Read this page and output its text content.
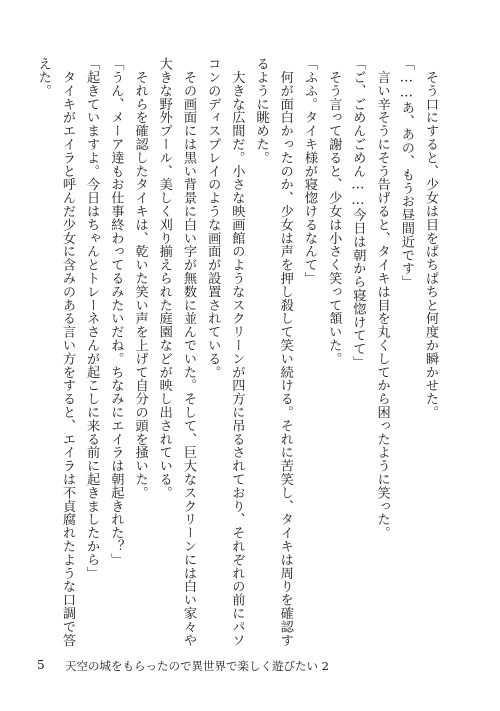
　そう口にすると、少女は目をぱちぱちと何度か瞬かせた。
「……あ、あの、もうお昼間近です」
　言い辛そうにそう告げると、タイキは目を丸くしてから困ったように笑った。
「ご、ごめんごめん……今日は朝から寝惚けてて」
　そう言って謝ると、少女は小さく笑って頷いた。
「ふふ。タイキ様が寝惚けるなんて」
　何が面白かったのか、少女は声を押し殺して笑い続ける。それに苦笑し、タイキは周りを確認す
るように眺めた。
　大きな広間だ。小さな映画館のようなスクリーンが四方に吊るされており、それぞれの前にパソ
コンのディスプレイのような画面が設置されている。
　その画面には黒い背景に白い字が無数に並んでいた。そして、巨大なスクリーンには白い家々や
大きな野外プール、美しく刈り揃えられた庭園などが映し出されている。
　それらを確認したタイキは、乾いた笑い声を上げて自分の頭を掻いた。
「うん、メーア達もお仕事終わってるみたいだね。ちなみにエイラは朝起きれた？」
「起きていますよ。今日はちゃんとトレーネさんが起こしに来る前に起きましたから」
　タイキがエイラと呼んだ少女に含みのある言い方をすると、エイラは不貞腐れたような口調で答
えた。
5 天空の城をもらったので異世界で楽しく遊びたい 2
